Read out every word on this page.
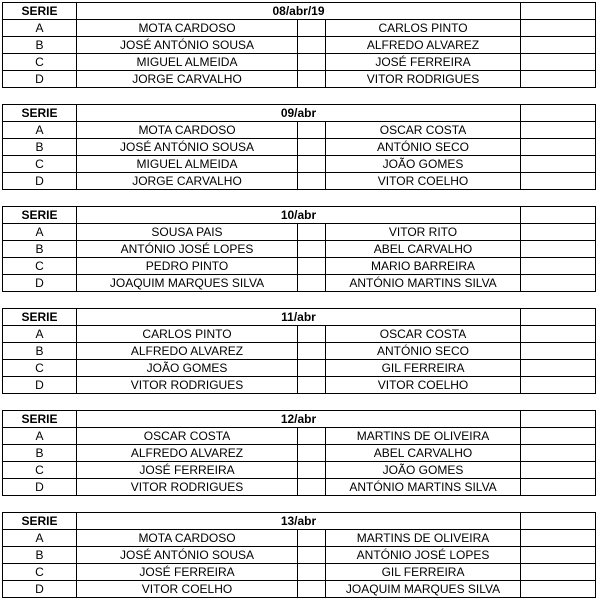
SERIE	08/abr/19			
A	MOTA CARDOSO		CARLOS PINTO	
B	JOSÉ ANTÓNIO SOUSA		ALFREDO ALVAREZ	
C	MIGUEL ALMEIDA		JOSÉ FERREIRA	
D	JORGE CARVALHO		VITOR RODRIGUES	
SERIE	09/abr			
A	MOTA CARDOSO		OSCAR COSTA	
B	JOSÉ ANTÓNIO SOUSA		ANTÓNIO SECO	
C	MIGUEL ALMEIDA		JOÃO GOMES	
D	JORGE CARVALHO		VITOR COELHO	
SERIE	10/abr			
A	SOUSA PAIS		VITOR RITO	
B	ANTÓNIO JOSÉ LOPES		ABEL CARVALHO	
C	PEDRO PINTO		MARIO BARREIRA	
D	JOAQUIM MARQUES SILVA		ANTÓNIO MARTINS SILVA	
SERIE	11/abr			
A	CARLOS PINTO		OSCAR COSTA	
B	ALFREDO ALVAREZ		ANTÓNIO SECO	
C	JOÃO GOMES		GIL FERREIRA	
D	VITOR RODRIGUES		VITOR COELHO	
SERIE	12/abr			
A	OSCAR COSTA		MARTINS DE OLIVEIRA	
B	ALFREDO ALVAREZ		ABEL CARVALHO	
C	JOSÉ FERREIRA		JOÃO GOMES	
D	VITOR RODRIGUES		ANTÓNIO MARTINS SILVA	
SERIE	13/abr			
A	MOTA CARDOSO		MARTINS DE OLIVEIRA	
B	JOSÉ ANTÓNIO SOUSA		ANTÓNIO JOSÉ LOPES	
C	JOSÉ FERREIRA		GIL FERREIRA	
D	VITOR COELHO		JOAQUIM MARQUES SILVA	
